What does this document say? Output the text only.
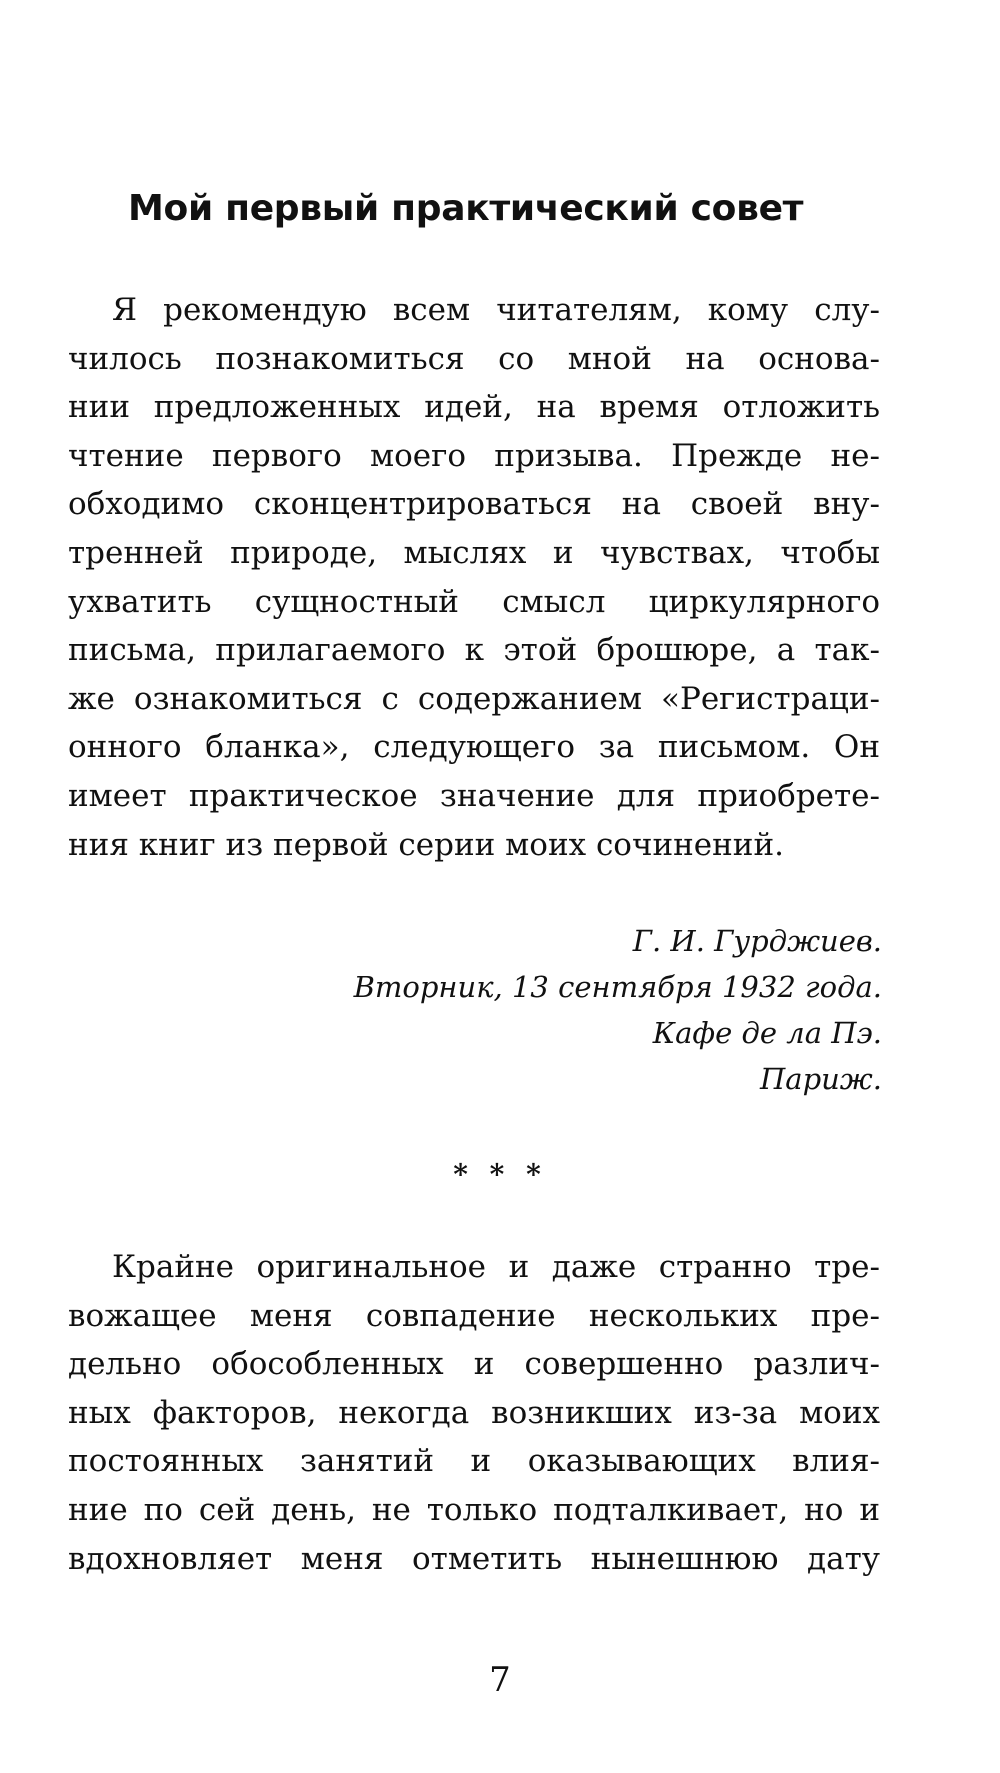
Мой первый практический совет
Я рекомендую всем читателям, кому слу-
чилось познакомиться со мной на основа-
нии предложенных идей, на время отложить
чтение первого моего призыва. Прежде не-
обходимо сконцентрироваться на своей вну-
тренней природе, мыслях и чувствах, чтобы
ухватить сущностный смысл циркулярного
письма, прилагаемого к этой брошюре, а так-
же ознакомиться с содержанием «Регистраци-
онного бланка», следующего за письмом. Он
имеет практическое значение для приобрете-
ния книг из первой серии моих сочинений.
Г. И. Гурджиев.
Вторник, 13 сентября 1932 года.
Кафе де ла Пэ.
Париж.
* * *
Крайне оригинальное и даже странно тре-
вожащее меня совпадение нескольких пре-
дельно обособленных и совершенно различ-
ных факторов, некогда возникших из-за моих
постоянных занятий и оказывающих влия-
ние по сей день, не только подталкивает, но и
вдохновляет меня отметить нынешнюю дату
7
